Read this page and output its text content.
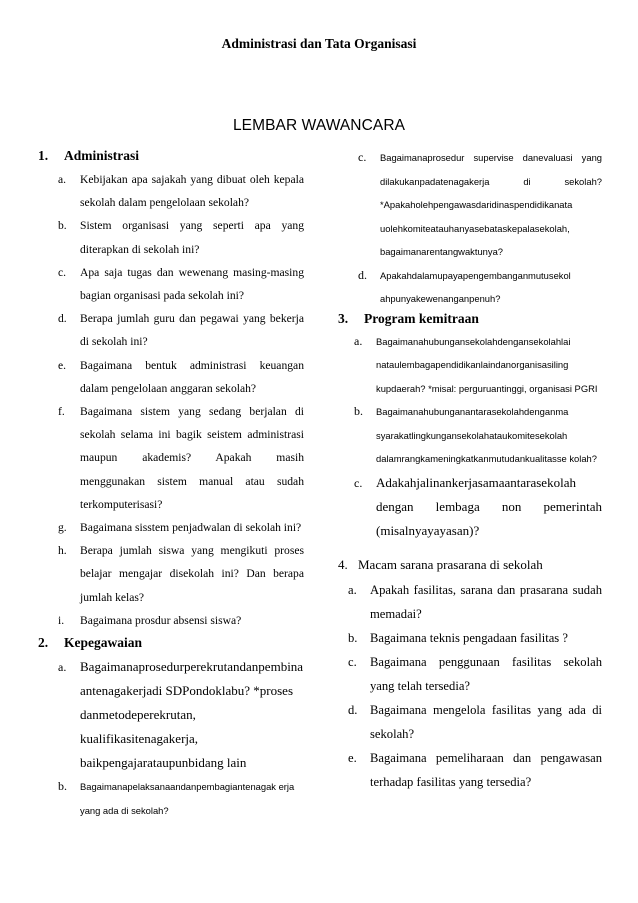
Administrasi dan Tata Organisasi
LEMBAR WAWANCARA
1.	Administrasi
a.	Kebijakan apa sajakah yang dibuat oleh kepala sekolah dalam pengelolaan sekolah?
b.	Sistem organisasi yang seperti apa yang diterapkan di sekolah ini?
c.	Apa saja tugas dan wewenang masing-masing bagian organisasi pada sekolah ini?
d.	Berapa jumlah guru dan pegawai yang bekerja di sekolah ini?
e.	Bagaimana bentuk administrasi keuangan dalam pengelolaan anggaran sekolah?
f.	Bagaimana sistem yang sedang berjalan di sekolah selama ini bagik seistem administrasi maupun akademis? Apakah masih menggunakan sistem manual atau sudah terkomputerisasi?
g.	Bagaimana sisstem penjadwalan di sekolah ini?
h.	Berapa jumlah siswa yang mengikuti proses belajar mengajar disekolah ini? Dan berapa jumlah kelas?
i.	Bagaimana prosdur absensi siswa?
2.	Kepegawaian
a.	Bagaimanaprosedurperekrutandanpembina antenagakerjadi SDPondoklabu? *proses danmetodeperekrutan, kualifikasitenagakerja, baikpengajarataupunbidang lain
b.	Bagaimanapelaksanaandanpembagiantenagak erja yang ada di sekolah?
c.	Bagaimanaprosedur supervise danevaluasi yang dilakukanpadatenagakerja di sekolah? *Apakaholehpengawasdaridinaspendidikanata uolehkomiteatauhanyasebataskepalasekolah, bagaimanarentangwaktunya?
d.	Apakahdalamupayapengembanganmutusekol ahpunyakewenanganpenuh?
3.	Program kemitraan
a.	Bagaimanahubungansekolahdengansekolahlai nataulembagapendidikanlaindanorganisasiling kupdaerah? *misal: perguruantinggi, organisasi PGRI
b.	Bagaimanahubunganantarasekolahdenganma syarakatlingkungansekolahataukomitesekolah dalamrangkameningkatkanmutudankualitasse kolah?
c.	Adakahjalinankerjasamaantarasekolah dengan lembaga non pemerintah (misalnyayayasan)?
4. Macam sarana prasarana di sekolah
a.	Apakah fasilitas, sarana dan prasarana sudah memadai?
b. Bagaimana teknis pengadaan fasilitas ?
c.	Bagaimana penggunaan fasilitas sekolah yang telah tersedia?
d. Bagaimana mengelola fasilitas yang ada di sekolah?
e.	Bagaimana pemeliharaan dan pengawasan terhadap fasilitas yang tersedia?
